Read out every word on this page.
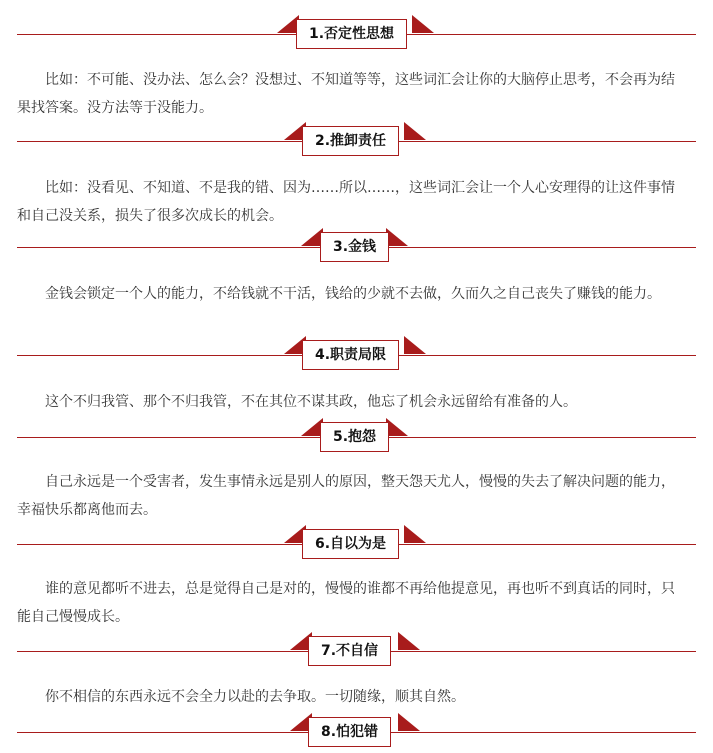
1.否定性思想

比如：不可能、没办法、怎么会？没想过、不知道等等，这些词汇会让你的大脑停止思考，不会再为结果找答案。没方法等于没能力。

2.推卸责任

比如：没看见、不知道、不是我的错、因为……所以……，这些词汇会让一个人心安理得的让这件事情和自己没关系，损失了很多次成长的机会。

3.金钱

金钱会锁定一个人的能力，不给钱就不干活，钱给的少就不去做，久而久之自己丧失了赚钱的能力。

4.职责局限

这个不归我管、那个不归我管，不在其位不谋其政，他忘了机会永远留给有准备的人。

5.抱怨

自己永远是一个受害者，发生事情永远是别人的原因，整天怨天尤人，慢慢的失去了解决问题的能力，幸福快乐都离他而去。

6.自以为是

谁的意见都听不进去，总是觉得自己是对的，慢慢的谁都不再给他提意见，再也听不到真话的同时，只能自己慢慢成长。

7.不自信

你不相信的东西永远不会全力以赴的去争取。一切随缘，顺其自然。

8.怕犯错
